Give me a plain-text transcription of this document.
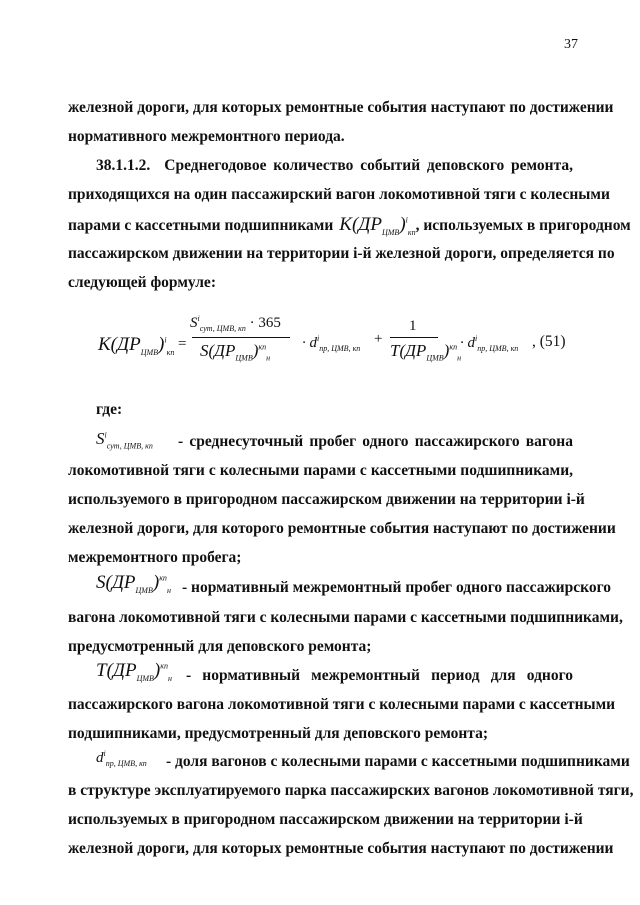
37
железной дороги, для которых ремонтные события наступают по достижении
нормативного межремонтного периода.
38.1.1.2. Среднегодовое количество событий деповского ремонта,
приходящихся на один пассажирский вагон локомотивной тяги с колесными
парами с кассетными подшипниками $K(ДР_{ЦМВ})^i_{кп}$ , используемых в пригородном
пассажирском движении на территории i-й железной дороги, определяется по
следующей формуле:
$K(ДР_{ЦМВ})^i_{кп}$
=
$S^i_{сут, ЦМВ, кп} \cdot 365$
$S(ДР_{ЦМВ})^{кп}_н$
· $d^i_{пр, ЦМВ, кп}$
+
1
$T(ДР_{ЦМВ})^{кп}_н$
· $d^i_{пр, ЦМВ, кп}$ , (51)
где:
$S^i_{сут, ЦМВ, кп}$ - среднесуточный пробег одного пассажирского вагона
локомотивной тяги с колесными парами с кассетными подшипниками,
используемого в пригородном пассажирском движении на территории i-й
железной дороги, для которого ремонтные события наступают по достижении
межремонтного пробега;
$S(ДР_{ЦМВ})^{кп}_н$ - нормативный межремонтный пробег одного пассажирского
вагона локомотивной тяги с колесными парами с кассетными подшипниками,
предусмотренный для деповского ремонта;
$T(ДР_{ЦМВ})^{кп}_н$ - нормативный межремонтный период для одного
пассажирского вагона локомотивной тяги с колесными парами с кассетными
подшипниками, предусмотренный для деповского ремонта;
$d^i_{пр, ЦМВ, кп}$ - доля вагонов с колесными парами с кассетными подшипниками
в структуре эксплуатируемого парка пассажирских вагонов локомотивной тяги,
используемых в пригородном пассажирском движении на территории i-й
железной дороги, для которых ремонтные события наступают по достижении
